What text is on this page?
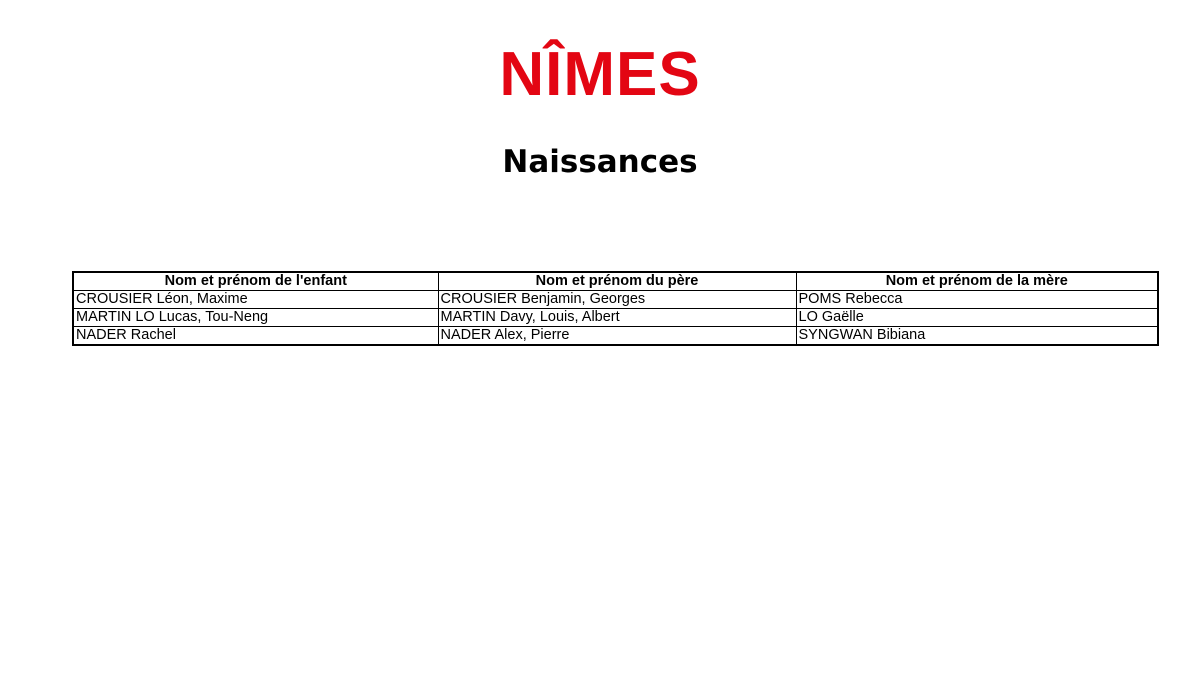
NÎMES
Naissances
Nom et prénom de l'enfant	Nom et prénom du père	Nom et prénom de la mère
CROUSIER Léon, Maxime	CROUSIER Benjamin, Georges	POMS Rebecca
MARTIN LO Lucas, Tou-Neng	MARTIN Davy, Louis, Albert	LO Gaëlle
NADER Rachel	NADER Alex, Pierre	SYNGWAN Bibiana
